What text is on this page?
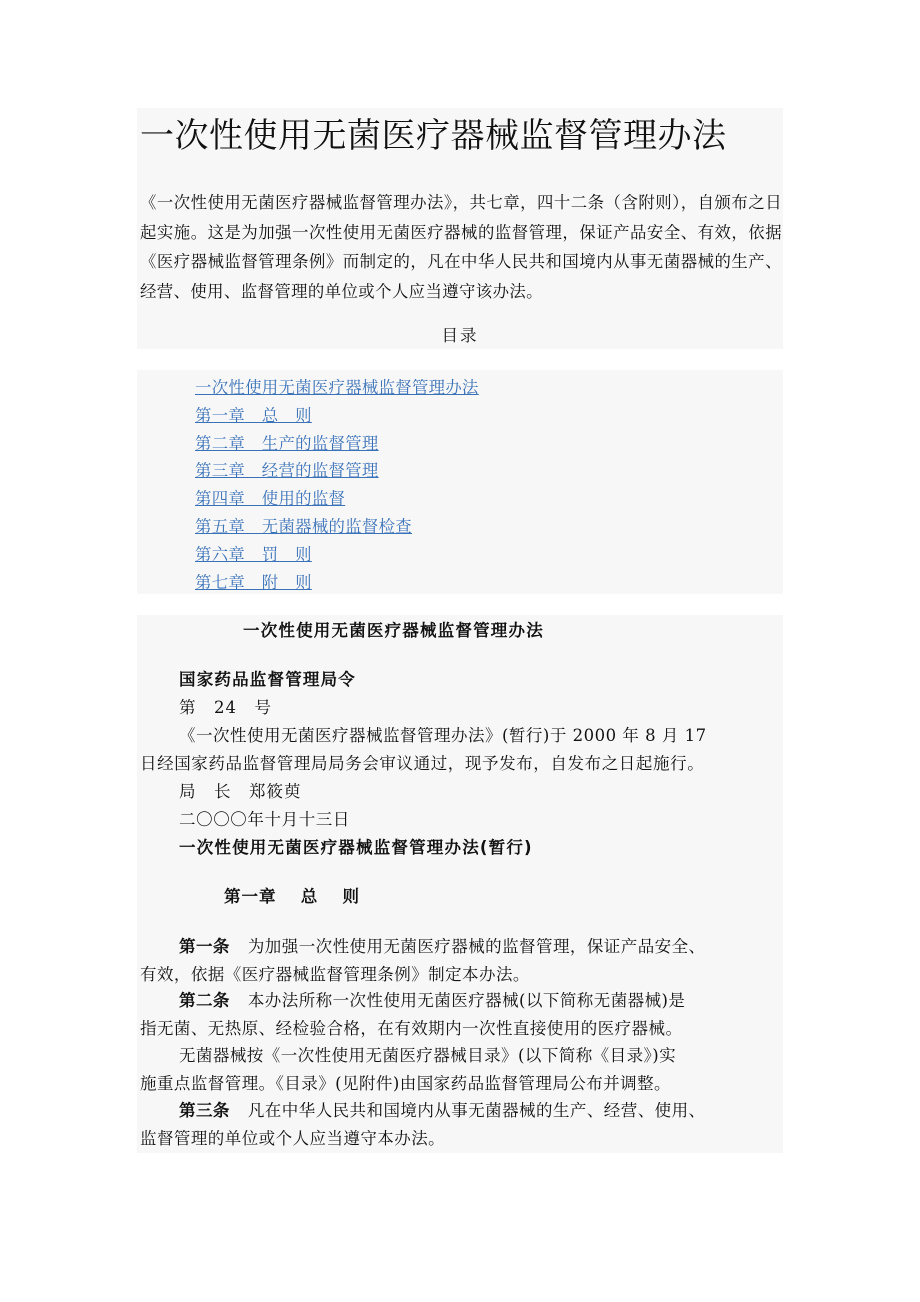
一次性使用无菌医疗器械监督管理办法

《一次性使用无菌医疗器械监督管理办法》，共七章，四十二条（含附则），自颁布之日起实施。这是为加强一次性使用无菌医疗器械的监督管理，保证产品安全、有效，依据《医疗器械监督管理条例》而制定的，凡在中华人民共和国境内从事无菌器械的生产、经营、使用、监督管理的单位或个人应当遵守该办法。

目录
一次性使用无菌医疗器械监督管理办法
第一章　总　则
第二章　生产的监督管理
第三章　经营的监督管理
第四章　使用的监督
第五章　无菌器械的监督检查
第六章　罚　则
第七章　附　则
一次性使用无菌医疗器械监督管理办法
国家药品监督管理局令
第　24　号
《一次性使用无菌医疗器械监督管理办法》(暂行)于 2000 年 8 月 17
日经国家药品监督管理局局务会审议通过，现予发布，自发布之日起施行。
局　长　郑筱萸
二〇〇〇年十月十三日
一次性使用无菌医疗器械监督管理办法(暂行)
第一章　 总　 则
第一条 为加强一次性使用无菌医疗器械的监督管理，保证产品安全、
有效，依据《医疗器械监督管理条例》制定本办法。
第二条 本办法所称一次性使用无菌医疗器械(以下简称无菌器械)是
指无菌、无热原、经检验合格，在有效期内一次性直接使用的医疗器械。
无菌器械按《一次性使用无菌医疗器械目录》(以下简称《目录》)实
施重点监督管理。《目录》(见附件)由国家药品监督管理局公布并调整。
第三条 凡在中华人民共和国境内从事无菌器械的生产、经营、使用、
监督管理的单位或个人应当遵守本办法。
